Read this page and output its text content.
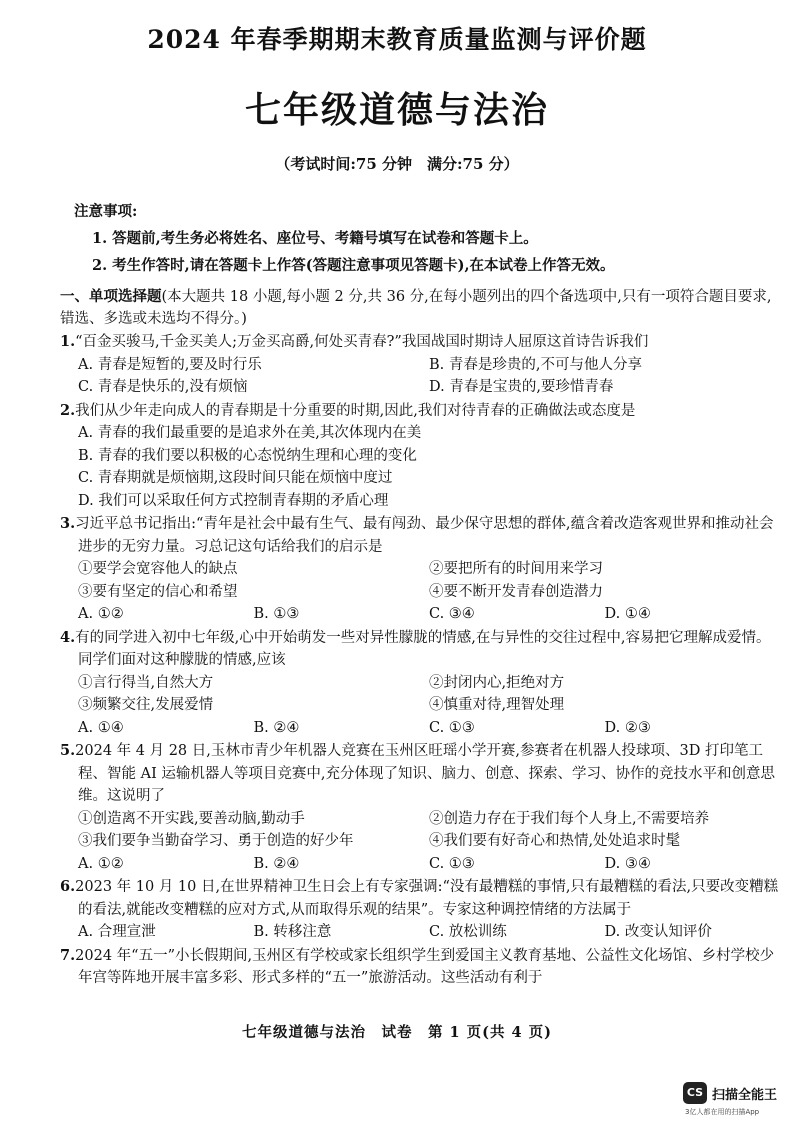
2024 年春季期期末教育质量监测与评价题
七年级道德与法治
（考试时间:75 分钟　满分:75 分）
注意事项:
1. 答题前,考生务必将姓名、座位号、考籍号填写在试卷和答题卡上。
2. 考生作答时,请在答题卡上作答(答题注意事项见答题卡),在本试卷上作答无效。
一、单项选择题(本大题共 18 小题,每小题 2 分,共 36 分,在每小题列出的四个备选项中,只有一项符合题目要求,错选、多选或未选均不得分。)
1.“百金买骏马,千金买美人;万金买高爵,何处买青春?”我国战国时期诗人屈原这首诗告诉我们
A. 青春是短暂的,要及时行乐	B. 青春是珍贵的,不可与他人分享
C. 青春是快乐的,没有烦恼	D. 青春是宝贵的,要珍惜青春
2.我们从少年走向成人的青春期是十分重要的时期,因此,我们对待青春的正确做法或态度是
A. 青春的我们最重要的是追求外在美,其次体现内在美
B. 青春的我们要以积极的心态悦纳生理和心理的变化
C. 青春期就是烦恼期,这段时间只能在烦恼中度过
D. 我们可以采取任何方式控制青春期的矛盾心理
3.习近平总书记指出:“青年是社会中最有生气、最有闯劲、最少保守思想的群体,蕴含着改造客观世界和推动社会进步的无穷力量。习总记这句话给我们的启示是
①要学会宽容他人的缺点	②要把所有的时间用来学习
③要有坚定的信心和希望	④要不断开发青春创造潜力
A. ①②	B. ①③	C. ③④	D. ①④
4.有的同学进入初中七年级,心中开始萌发一些对异性朦胧的情感,在与异性的交往过程中,容易把它理解成爱情。同学们面对这种朦胧的情感,应该
①言行得当,自然大方	②封闭内心,拒绝对方
③频繁交往,发展爱情	④慎重对待,理智处理
A. ①④	B. ②④	C. ①③	D. ②③
5.2024 年 4 月 28 日,玉林市青少年机器人竞赛在玉州区旺瑶小学开赛,参赛者在机器人投球项、3D 打印笔工程、智能 AI 运输机器人等项目竞赛中,充分体现了知识、脑力、创意、探索、学习、协作的竞技水平和创意思维。这说明了
①创造离不开实践,要善动脑,勤动手	②创造力存在于我们每个人身上,不需要培养
③我们要争当勤奋学习、勇于创造的好少年	④我们要有好奇心和热情,处处追求时髦
A. ①②	B. ②④	C. ①③	D. ③④
6.2023 年 10 月 10 日,在世界精神卫生日会上有专家强调:“没有最糟糕的事情,只有最糟糕的看法,只要改变糟糕的看法,就能改变糟糕的应对方式,从而取得乐观的结果”。专家这种调控情绪的方法属于
A. 合理宣泄	B. 转移注意	C. 放松训练	D. 改变认知评价
7.2024 年“五一”小长假期间,玉州区有学校或家长组织学生到爱国主义教育基地、公益性文化场馆、乡村学校少年宫等阵地开展丰富多彩、形式多样的“五一”旅游活动。这些活动有利于
七年级道德与法治　试卷　第 1 页(共 4 页)
CS 扫描全能王
3亿人都在用的扫描App
